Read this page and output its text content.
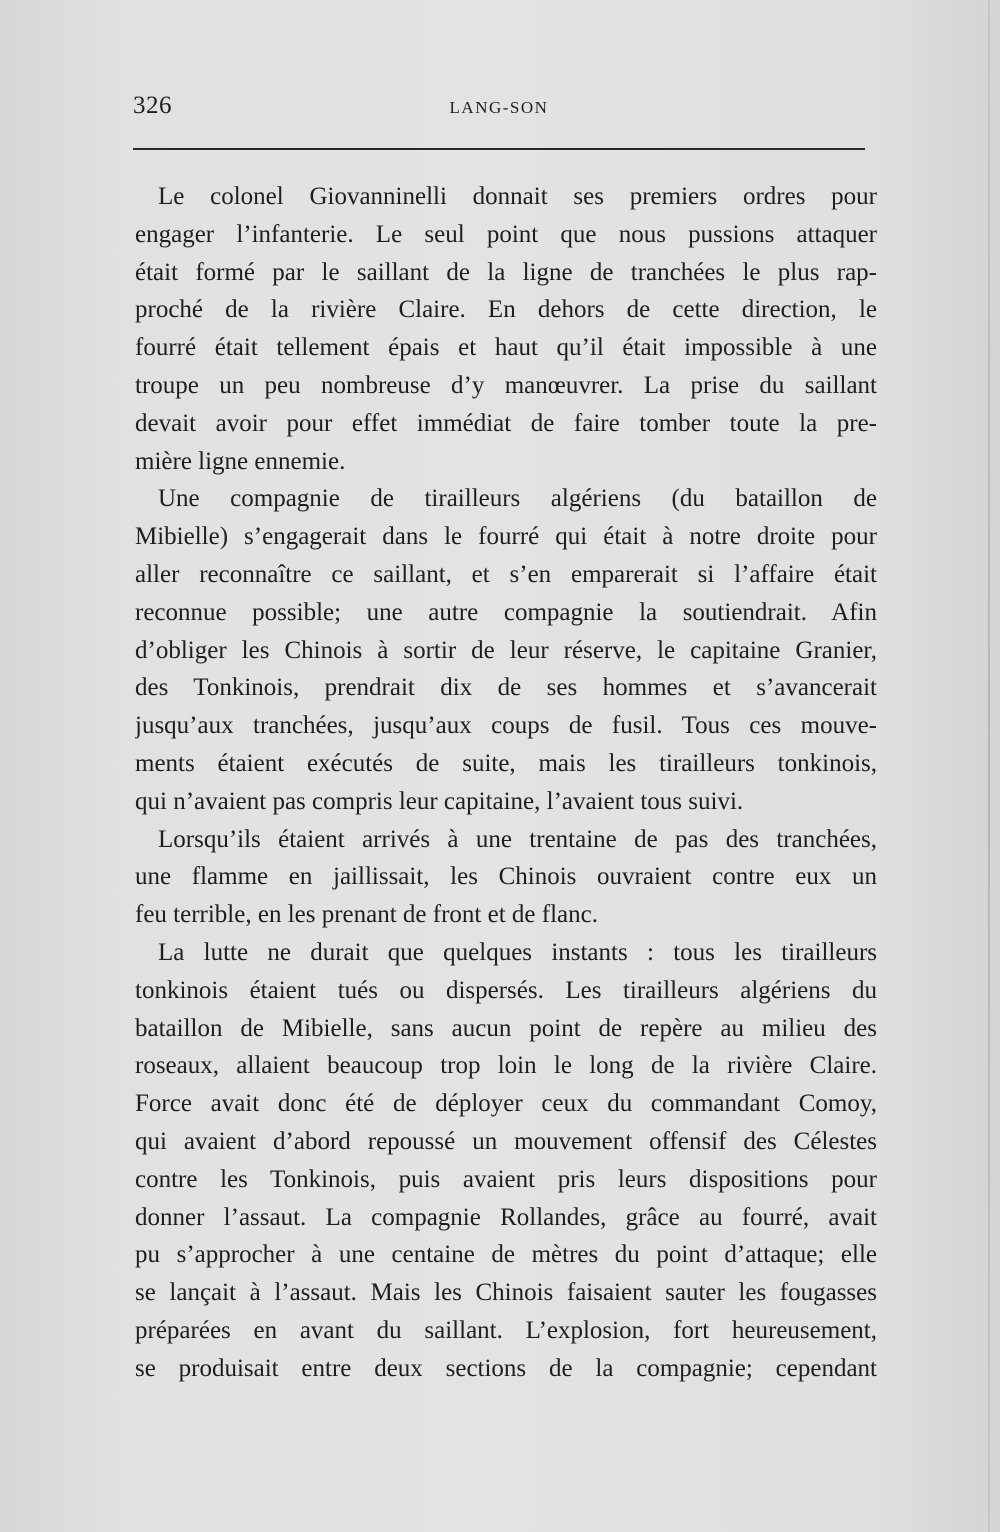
326	LANG-SON
Le colonel Giovanninelli donnait ses premiers ordres pour
engager l’infanterie. Le seul point que nous pussions attaquer
était formé par le saillant de la ligne de tranchées le plus rap-
proché de la rivière Claire. En dehors de cette direction, le
fourré était tellement épais et haut qu’il était impossible à une
troupe un peu nombreuse d’y manœuvrer. La prise du saillant
devait avoir pour effet immédiat de faire tomber toute la pre-
mière ligne ennemie.
Une compagnie de tirailleurs algériens (du bataillon de
Mibielle) s’engagerait dans le fourré qui était à notre droite pour
aller reconnaître ce saillant, et s’en emparerait si l’affaire était
reconnue possible; une autre compagnie la soutiendrait. Afin
d’obliger les Chinois à sortir de leur réserve, le capitaine Granier,
des Tonkinois, prendrait dix de ses hommes et s’avancerait
jusqu’aux tranchées, jusqu’aux coups de fusil. Tous ces mouve-
ments étaient exécutés de suite, mais les tirailleurs tonkinois,
qui n’avaient pas compris leur capitaine, l’avaient tous suivi.
Lorsqu’ils étaient arrivés à une trentaine de pas des tranchées,
une flamme en jaillissait, les Chinois ouvraient contre eux un
feu terrible, en les prenant de front et de flanc.
La lutte ne durait que quelques instants : tous les tirailleurs
tonkinois étaient tués ou dispersés. Les tirailleurs algériens du
bataillon de Mibielle, sans aucun point de repère au milieu des
roseaux, allaient beaucoup trop loin le long de la rivière Claire.
Force avait donc été de déployer ceux du commandant Comoy,
qui avaient d’abord repoussé un mouvement offensif des Célestes
contre les Tonkinois, puis avaient pris leurs dispositions pour
donner l’assaut. La compagnie Rollandes, grâce au fourré, avait
pu s’approcher à une centaine de mètres du point d’attaque; elle
se lançait à l’assaut. Mais les Chinois faisaient sauter les fougasses
préparées en avant du saillant. L’explosion, fort heureusement,
se produisait entre deux sections de la compagnie; cependant
